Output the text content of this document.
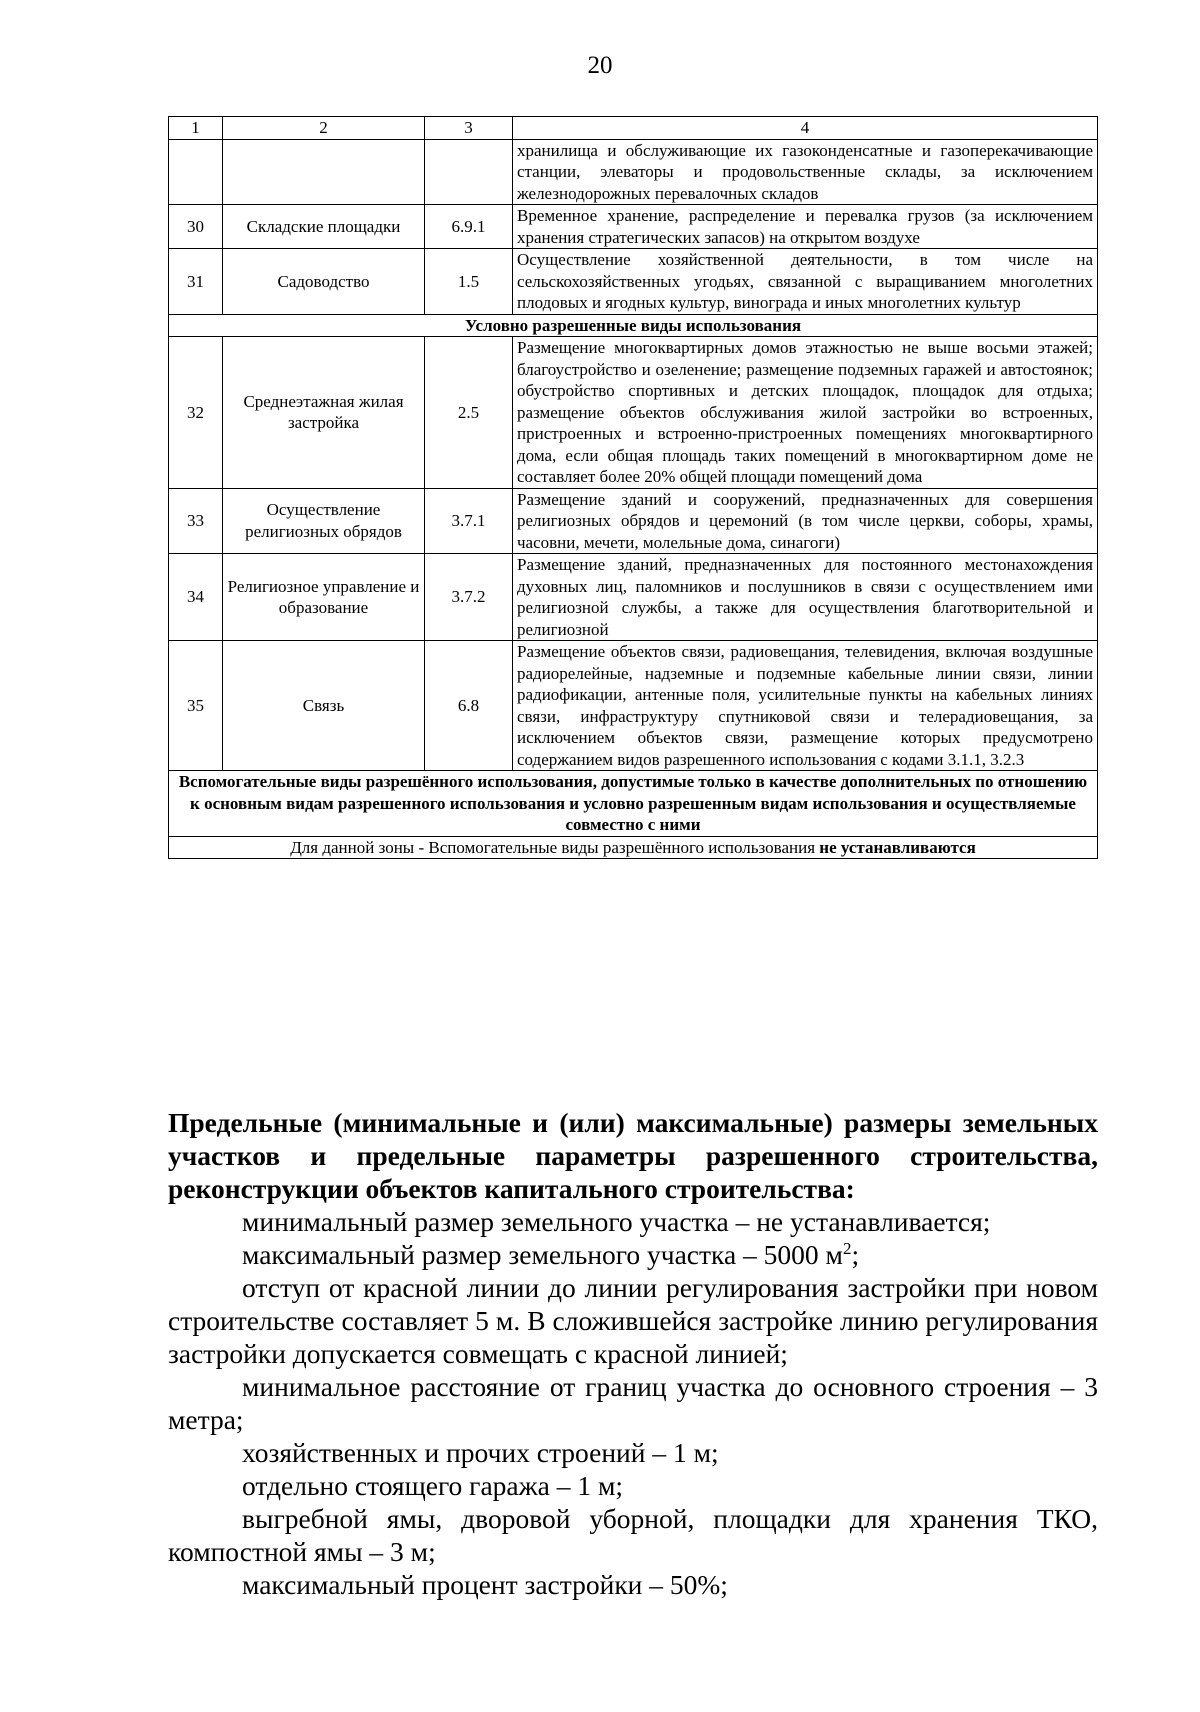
20
1	2	3	4
			хранилища и обслуживающие их газоконденсатные и газоперекачивающие станции, элеваторы и продовольственные склады, за исключением железнодорожных перевалочных складов
30	Складские площадки	6.9.1	Временное хранение, распределение и перевалка грузов (за исключением хранения стратегических запасов) на открытом воздухе
31	Садоводство	1.5	Осуществление хозяйственной деятельности, в том числе на сельскохозяйственных угодьях, связанной с выращиванием многолетних плодовых и ягодных культур, винограда и иных многолетних культур
Условно разрешенные виды использования			
32	Среднеэтажная жилая застройка	2.5	Размещение многоквартирных домов этажностью не выше восьми этажей; благоустройство и озеленение; размещение подземных гаражей и автостоянок; обустройство спортивных и детских площадок, площадок для отдыха; размещение объектов обслуживания жилой застройки во встроенных, пристроенных и встроенно-пристроенных помещениях многоквартирного дома, если общая площадь таких помещений в многоквартирном доме не составляет более 20% общей площади помещений дома
33	Осуществление религиозных обрядов	3.7.1	Размещение зданий и сооружений, предназначенных для совершения религиозных обрядов и церемоний (в том числе церкви, соборы, храмы, часовни, мечети, молельные дома, синагоги)
34	Религиозное управление и образование	3.7.2	Размещение зданий, предназначенных для постоянного местонахождения духовных лиц, паломников и послушников в связи с осуществлением ими религиозной службы, а также для осуществления благотворительной и религиозной
35	Связь	6.8	Размещение объектов связи, радиовещания, телевидения, включая воздушные радиорелейные, надземные и подземные кабельные линии связи, линии радиофикации, антенные поля, усилительные пункты на кабельных линиях связи, инфраструктуру спутниковой связи и телерадиовещания, за исключением объектов связи, размещение которых предусмотрено содержанием видов разрешенного использования с кодами 3.1.1, 3.2.3
Вспомогательные виды разрешённого использования, допустимые только в качестве дополнительных по отношению к основным видам разрешенного использования и условно разрешенным видам использования и осуществляемые совместно с ними			
Для данной зоны - Вспомогательные виды разрешённого использования не устанавливаются			

Предельные (минимальные и (или) максимальные) размеры земельных участков и предельные параметры разрешенного строительства, реконструкции объектов капитального строительства:

минимальный размер земельного участка – не устанавливается;

максимальный размер земельного участка – 5000 $м^2$;

отступ от красной линии до линии регулирования застройки при новом строительстве составляет 5 м. В сложившейся застройке линию регулирования застройки допускается совмещать с красной линией;

минимальное расстояние от границ участка до основного строения – 3 метра;

хозяйственных и прочих строений – 1 м;

отдельно стоящего гаража – 1 м;

выгребной ямы, дворовой уборной, площадки для хранения ТКО, компостной ямы – 3 м;

максимальный процент застройки – 50%;
